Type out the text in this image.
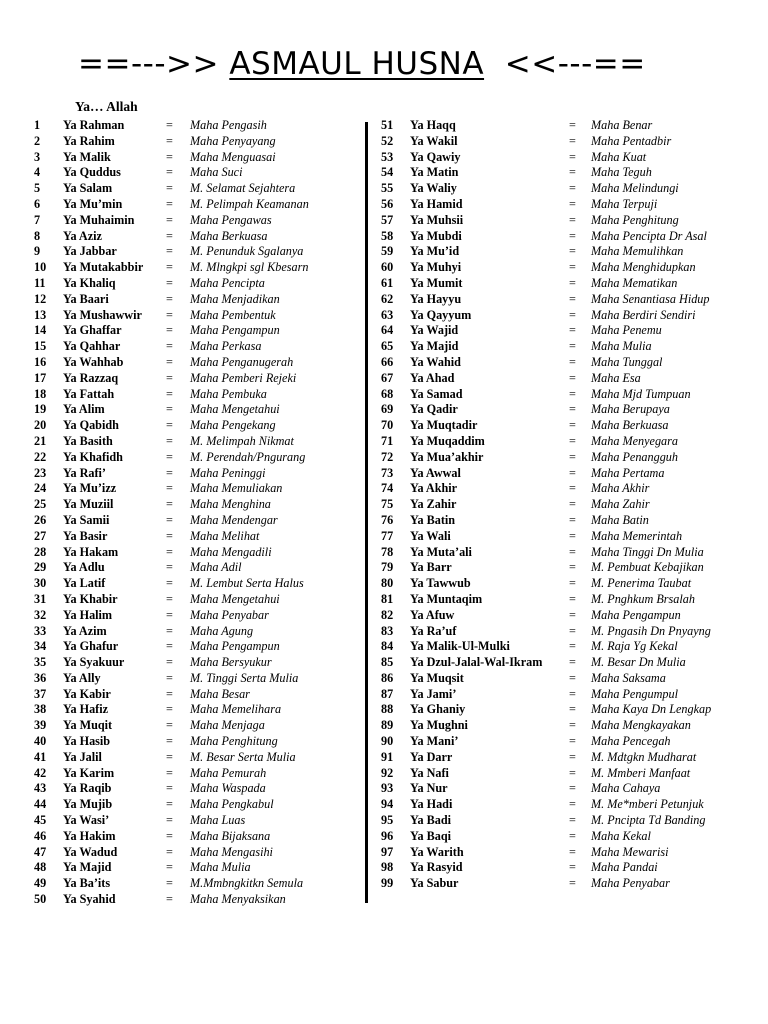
==--->> ASMAUL HUSNA <<---==
Ya… Allah
1 Ya Rahman	= Maha Pengasih
2 Ya Rahim	= Maha Penyayang
3 Ya Malik	= Maha Menguasai
4 Ya Quddus	= Maha Suci
5 Ya Salam	= M. Selamat Sejahtera
6 Ya Mu’min	= M. Pelimpah Keamanan
7 Ya Muhaimin	= Maha Pengawas
8 Ya Aziz	= Maha Berkuasa
9 Ya Jabbar	= M. Penunduk Sgalanya
10 Ya Mutakabbir = M. Mlngkpi sgl Kbesarn
11 Ya Khaliq	= Maha Pencipta
12 Ya Baari	= Maha Menjadikan
13 Ya Mushawwir = Maha Pembentuk
14 Ya Ghaffar	= Maha Pengampun
15 Ya Qahhar	= Maha Perkasa
16 Ya Wahhab	= Maha Penganugerah
17 Ya Razzaq	= Maha Pemberi Rejeki
18 Ya Fattah	= Maha Pembuka
19 Ya Alim	= Maha Mengetahui
20 Ya Qabidh	= Maha Pengekang
21 Ya Basith	= M. Melimpah Nikmat
22 Ya Khafidh	= M. Perendah/Pngurang
23 Ya Rafi’	= Maha Peninggi
24 Ya Mu’izz	= Maha Memuliakan
25 Ya Muziil	= Maha Menghina
26 Ya Samii	= Maha Mendengar
27 Ya Basir	= Maha Melihat
28 Ya Hakam	= Maha Mengadili
29 Ya Adlu	= Maha Adil
30 Ya Latif	= M. Lembut Serta Halus
31 Ya Khabir	= Maha Mengetahui
32 Ya Halim	= Maha Penyabar
33 Ya Azim	= Maha Agung
34 Ya Ghafur	= Maha Pengampun
35 Ya Syakuur	= Maha Bersyukur
36 Ya Ally	= M. Tinggi Serta Mulia
37 Ya Kabir	= Maha Besar
38 Ya Hafiz	= Maha Memelihara
39 Ya Muqit	= Maha Menjaga
40 Ya Hasib	= Maha Penghitung
41 Ya Jalil	= M. Besar Serta Mulia
42 Ya Karim	= Maha Pemurah
43 Ya Raqib	= Maha Waspada
44 Ya Mujib	= Maha Pengkabul
45 Ya Wasi’	= Maha Luas
46 Ya Hakim	= Maha Bijaksana
47 Ya Wadud	= Maha Mengasihi
48 Ya Majid	= Maha Mulia
49 Ya Ba’its	= M.Mmbngkitkn Semula
50 Ya Syahid	= Maha Menyaksikan
51 Ya Haqq	= Maha Benar
52 Ya Wakil	= Maha Pentadbir
53 Ya Qawiy	= Maha Kuat
54 Ya Matin	= Maha Teguh
55 Ya Waliy	= Maha Melindungi
56 Ya Hamid	= Maha Terpuji
57 Ya Muhsii	= Maha Penghitung
58 Ya Mubdi	= Maha Pencipta Dr Asal
59 Ya Mu’id	= Maha Memulihkan
60 Ya Muhyi	= Maha Menghidupkan
61 Ya Mumit	= Maha Mematikan
62 Ya Hayyu	= Maha Senantiasa Hidup
63 Ya Qayyum	= Maha Berdiri Sendiri
64 Ya Wajid	= Maha Penemu
65 Ya Majid	= Maha Mulia
66 Ya Wahid	= Maha Tunggal
67 Ya Ahad	= Maha Esa
68 Ya Samad	= Maha Mjd Tumpuan
69 Ya Qadir	= Maha Berupaya
70 Ya Muqtadir	= Maha Berkuasa
71 Ya Muqaddim	= Maha Menyegara
72 Ya Mua’akhir	= Maha Penangguh
73 Ya Awwal	= Maha Pertama
74 Ya Akhir	= Maha Akhir
75 Ya Zahir	= Maha Zahir
76 Ya Batin	= Maha Batin
77 Ya Wali	= Maha Memerintah
78 Ya Muta’ali	= Maha Tinggi Dn Mulia
79 Ya Barr	= M. Pembuat Kebajikan
80 Ya Tawwub	= M. Penerima Taubat
81 Ya Muntaqim	= M. Pnghkum Brsalah
82 Ya Afuw	= Maha Pengampun
83 Ya Ra’uf	= M. Pngasih Dn Pnyayng
84 Ya Malik-Ul-Mulki	= M. Raja Yg Kekal
85 Ya Dzul-Jalal-Wal-Ikram = M. Besar Dn Mulia
86 Ya Muqsit	= Maha Saksama
87 Ya Jami’	= Maha Pengumpul
88 Ya Ghaniy	= Maha Kaya Dn Lengkap
89 Ya Mughni	= Maha Mengkayakan
90 Ya Mani’	= Maha Pencegah
91 Ya Darr	= M. Mdtgkn Mudharat
92 Ya Nafi	= M. Mmberi Manfaat
93 Ya Nur	= Maha Cahaya
94 Ya Hadi	= M. Me*mberi Petunjuk
95 Ya Badi	= M. Pncipta Td Banding
96 Ya Baqi	= Maha Kekal
97 Ya Warith	= Maha Mewarisi
98 Ya Rasyid	= Maha Pandai
99 Ya Sabur	= Maha Penyabar
